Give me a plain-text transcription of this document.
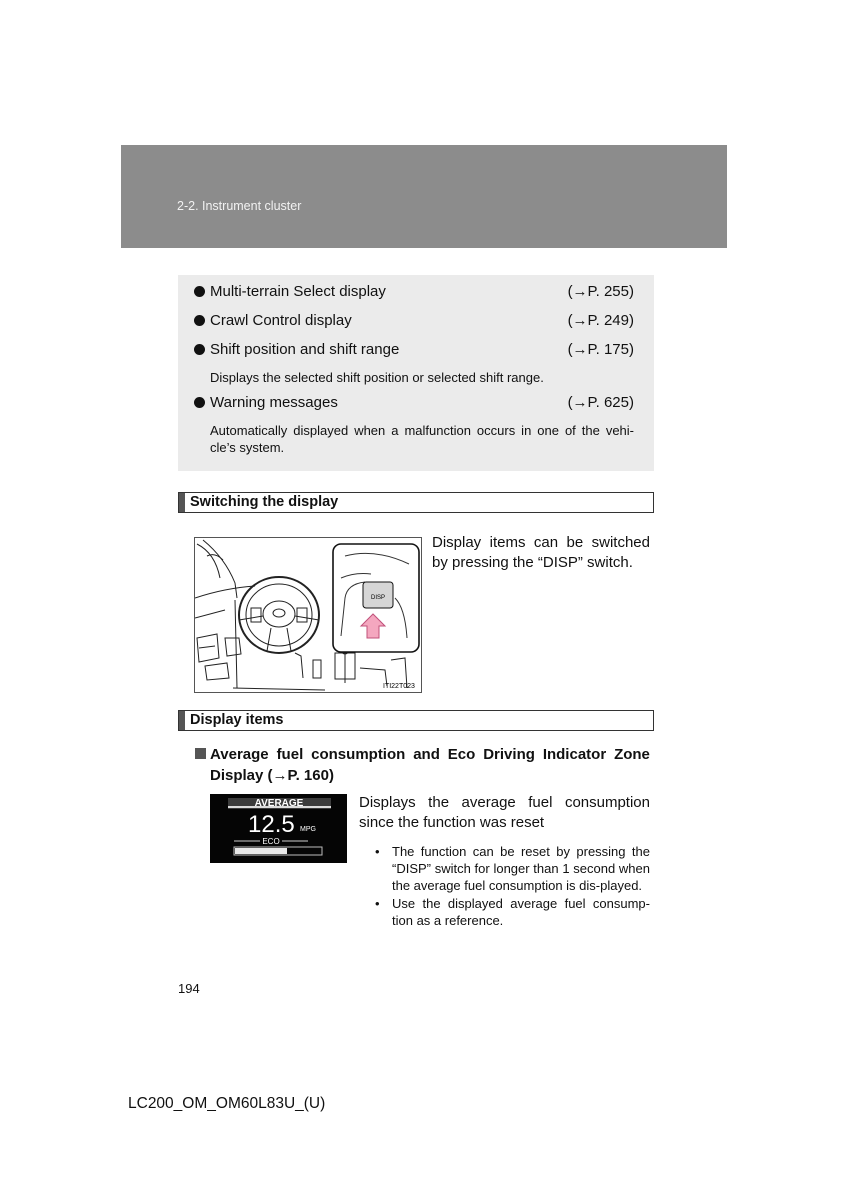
2-2. Instrument cluster
Multi-terrain Select display	(→P. 255)
Crawl Control display	(→P. 249)
Shift position and shift range	(→P. 175)
Displays the selected shift position or selected shift range.
Warning messages	(→P. 625)
Automatically displayed when a malfunction occurs in one of the vehi-cle’s system.
Switching the display
DISP
ITI22T023
Display items can be switched by pressing the “DISP” switch.
Display items
Average fuel consumption and Eco Driving Indicator Zone
Display (→P. 160)
AVERAGE
12.5 MPG
ECO
Displays the average fuel consumption since the function was reset
• The function can be reset by pressing the “DISP” switch for longer than 1 second when the average fuel consumption is dis-played.
• Use the displayed average fuel consump-tion as a reference.
194
LC200_OM_OM60L83U_(U)
